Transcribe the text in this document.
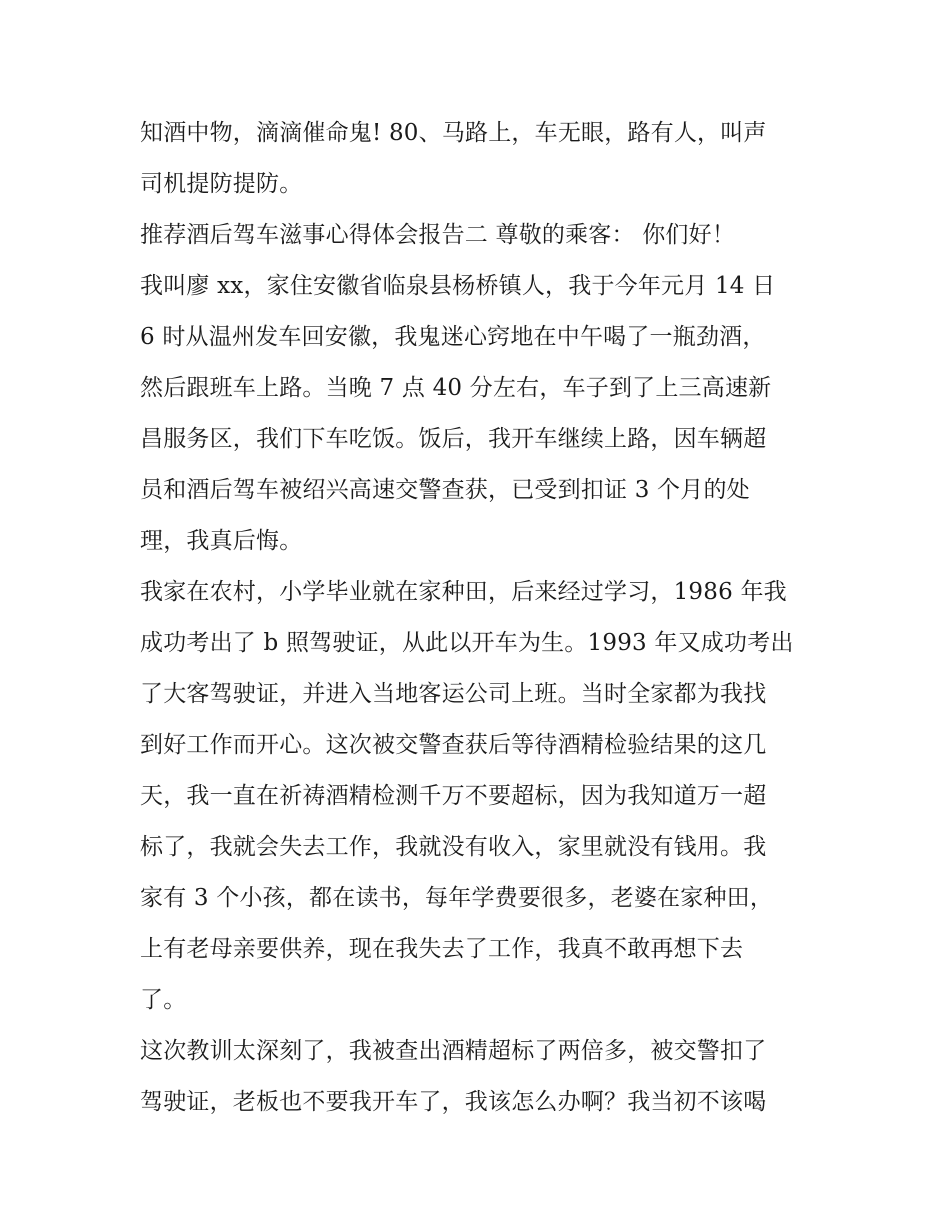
知酒中物，滴滴催命鬼! 80、马路上，车无眼，路有人，叫声
司机提防提防。
推荐酒后驾车滋事心得体会报告二 尊敬的乘客： 你们好！
我叫廖 xx，家住安徽省临泉县杨桥镇人，我于今年元月 14 日
6 时从温州发车回安徽，我鬼迷心窍地在中午喝了一瓶劲酒，
然后跟班车上路。当晚 7 点 40 分左右，车子到了上三高速新
昌服务区，我们下车吃饭。饭后，我开车继续上路，因车辆超
员和酒后驾车被绍兴高速交警查获，已受到扣证 3 个月的处
理，我真后悔。
我家在农村，小学毕业就在家种田，后来经过学习，1986 年我
成功考出了 b 照驾驶证，从此以开车为生。1993 年又成功考出
了大客驾驶证，并进入当地客运公司上班。当时全家都为我找
到好工作而开心。这次被交警查获后等待酒精检验结果的这几
天，我一直在祈祷酒精检测千万不要超标，因为我知道万一超
标了，我就会失去工作，我就没有收入，家里就没有钱用。我
家有 3 个小孩，都在读书，每年学费要很多，老婆在家种田，
上有老母亲要供养，现在我失去了工作，我真不敢再想下去
了。
这次教训太深刻了，我被查出酒精超标了两倍多，被交警扣了
驾驶证，老板也不要我开车了，我该怎么办啊？我当初不该喝
